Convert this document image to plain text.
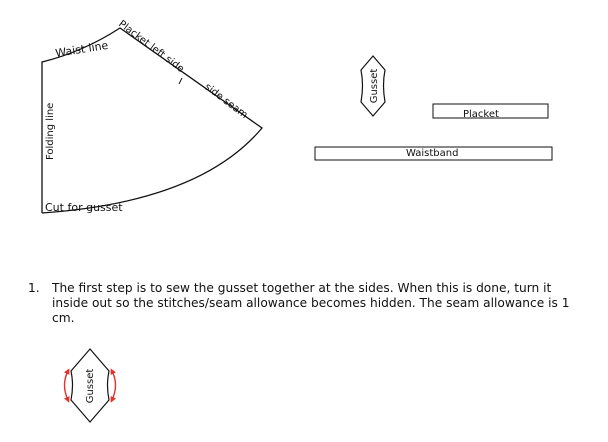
Waist line Placket left side
side seam
Folding line
Cut for gusset
Gusset
Placket
Waistband
Gusset
1. The first step is to sew the gusset together at the sides. When this is done, turn it inside out so the stitches/seam allowance becomes hidden. The seam allowance is 1 cm.
